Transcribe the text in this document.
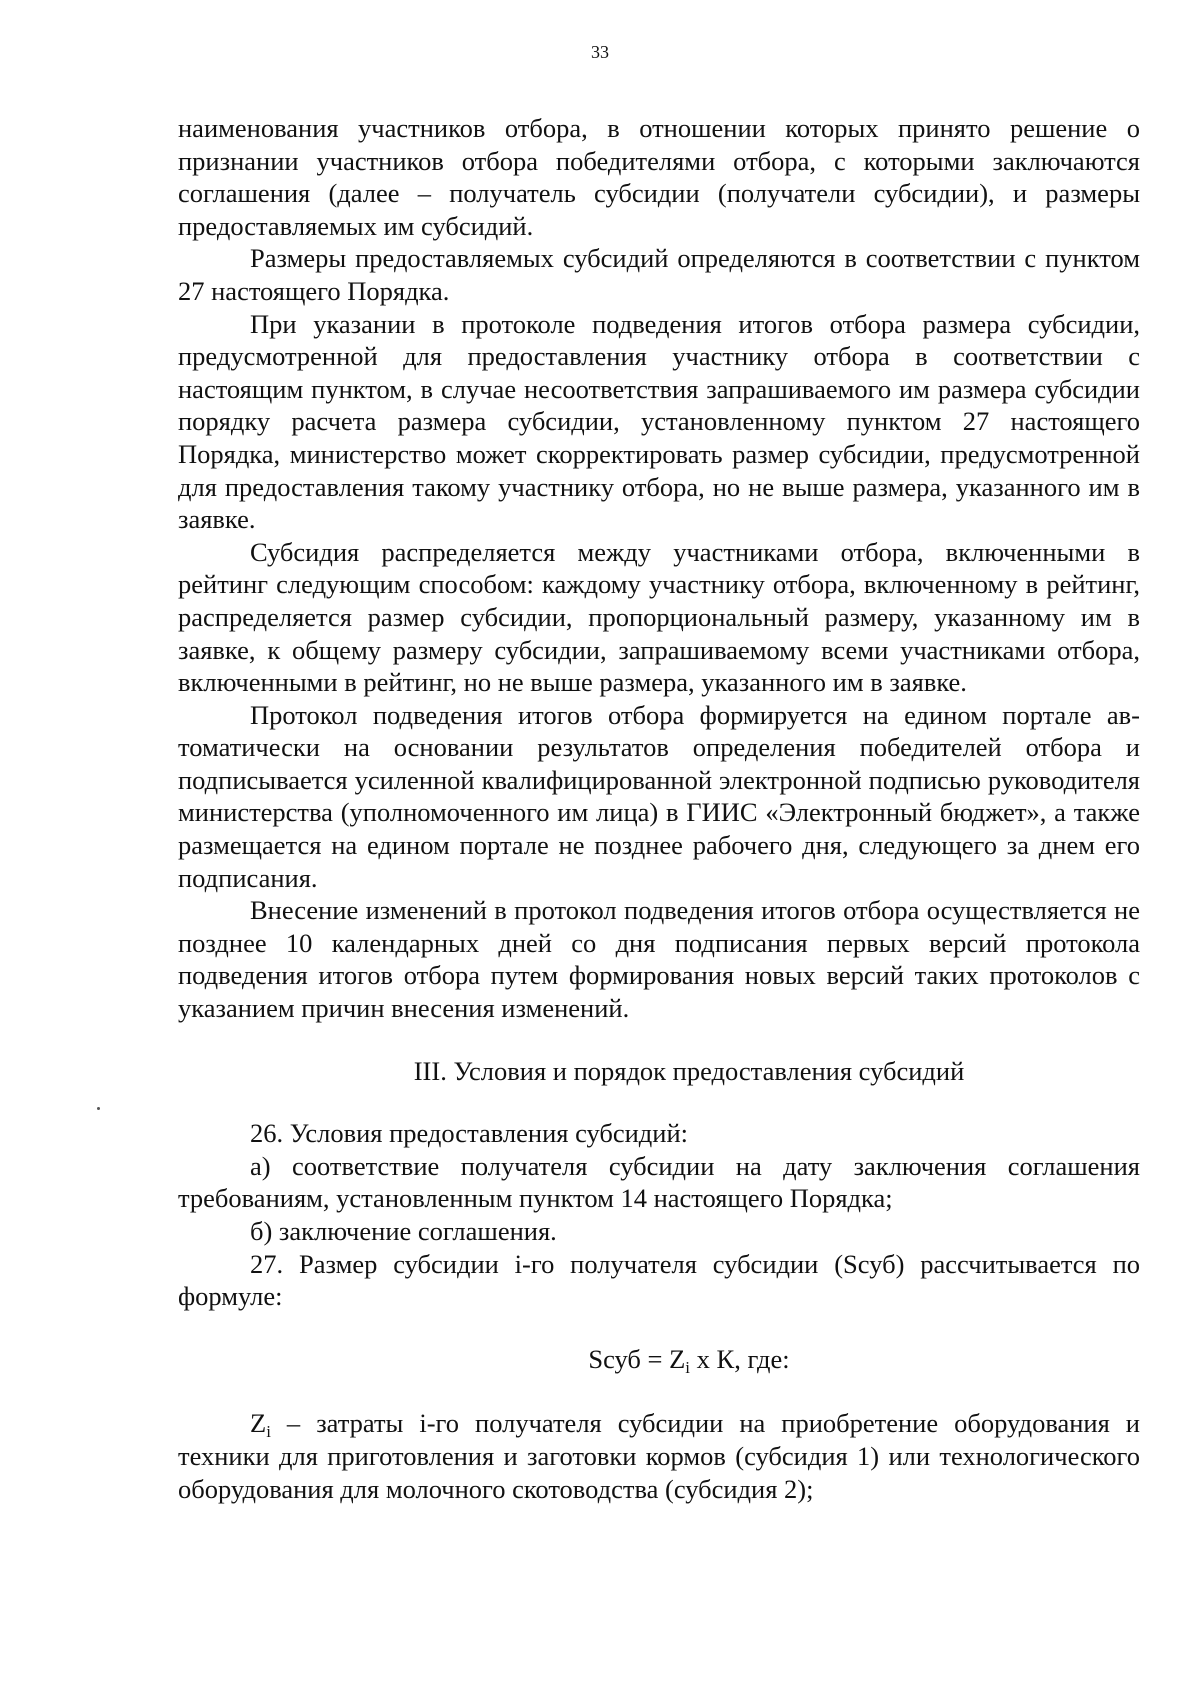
33

наименования участников отбора, в отношении которых принято решение о признании участников отбора победителями отбора, с которыми заключаются соглашения (далее – получатель субсидии (получатели субсидии), и размеры предоставляемых им субсидий.

Размеры предоставляемых субсидий определяются в соответствии с пунктом 27 настоящего Порядка.

При указании в протоколе подведения итогов отбора размера субсидии, предусмотренной для предоставления участнику отбора в соответствии с настоящим пунктом, в случае несоответствия запрашиваемого им размера субсидии порядку расчета размера субсидии, установленному пунктом 27 настоящего Порядка, министерство может скорректировать размер субсидии, предусмотренной для предоставления такому участнику отбора, но не выше размера, указанного им в заявке.

Субсидия распределяется между участниками отбора, включенными в рейтинг следующим способом: каждому участнику отбора, включенному в рейтинг, распределяется размер субсидии, пропорциональный размеру, указанному им в заявке, к общему размеру субсидии, запрашиваемому всеми участниками отбора, включенными в рейтинг, но не выше размера, указанного им в заявке.

Протокол подведения итогов отбора формируется на едином портале автоматически на основании результатов определения победителей отбора и подписывается усиленной квалифицированной электронной подписью руководителя министерства (уполномоченного им лица) в ГИИС «Электронный бюджет», а также размещается на едином портале не позднее рабочего дня, следующего за днем его подписания.

Внесение изменений в протокол подведения итогов отбора осуществляется не позднее 10 календарных дней со дня подписания первых версий протокола подведения итогов отбора путем формирования новых версий таких протоколов с указанием причин внесения изменений.

III. Условия и порядок предоставления субсидий

26. Условия предоставления субсидий:

а) соответствие получателя субсидии на дату заключения соглашения требованиям, установленным пунктом 14 настоящего Порядка;

б) заключение соглашения.

27. Размер субсидии i-го получателя субсидии (Sсуб) рассчитывается по формуле:

Sсуб = $Z_i$ х К, где:

$Z_i$ – затраты i-го получателя субсидии на приобретение оборудования и техники для приготовления и заготовки кормов (субсидия 1) или технологического оборудования для молочного скотоводства (субсидия 2);
